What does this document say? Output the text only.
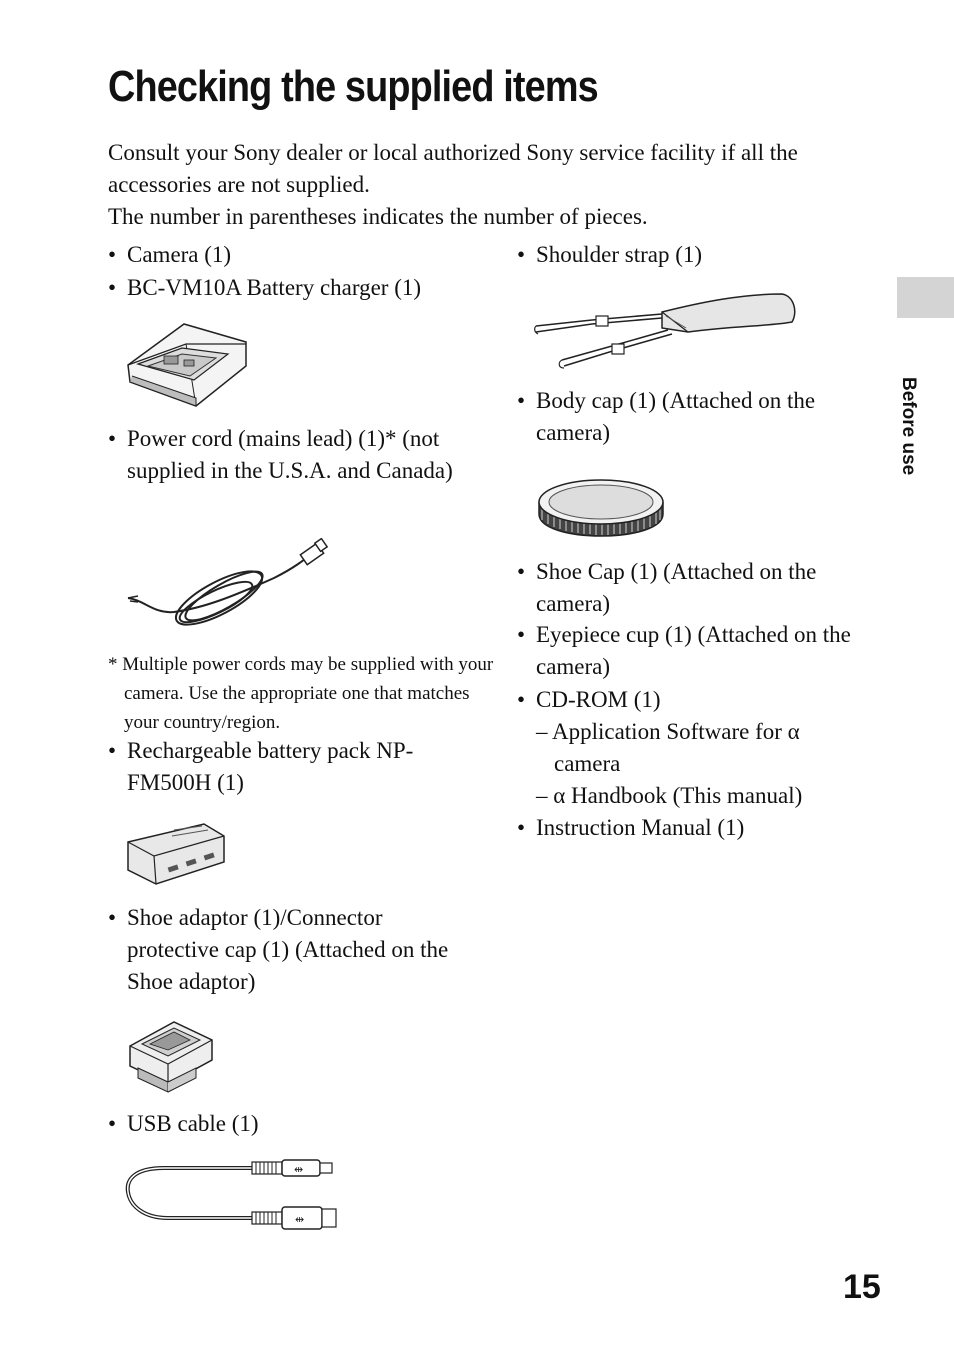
Checking the supplied items

Consult your Sony dealer or local authorized Sony service facility if all the accessories are not supplied.

The number in parentheses indicates the number of pieces.

• Camera (1)

• BC-VM10A Battery charger (1)

• Power cord (mains lead) (1)* (not supplied in the U.S.A. and Canada)

* Multiple power cords may be supplied with your camera. Use the appropriate one that matches your country/region.

• Rechargeable battery pack NP-FM500H (1)

• Shoe adaptor (1)/Connector protective cap (1) (Attached on the Shoe adaptor)

• USB cable (1)

⇹
⇹

• Shoulder strap (1)

• Body cap (1) (Attached on the camera)

• Shoe Cap (1) (Attached on the camera)

• Eyepiece cup (1) (Attached on the camera)

• CD-ROM (1)

– Application Software for α camera

– α Handbook (This manual)

• Instruction Manual (1)

Before use
15
